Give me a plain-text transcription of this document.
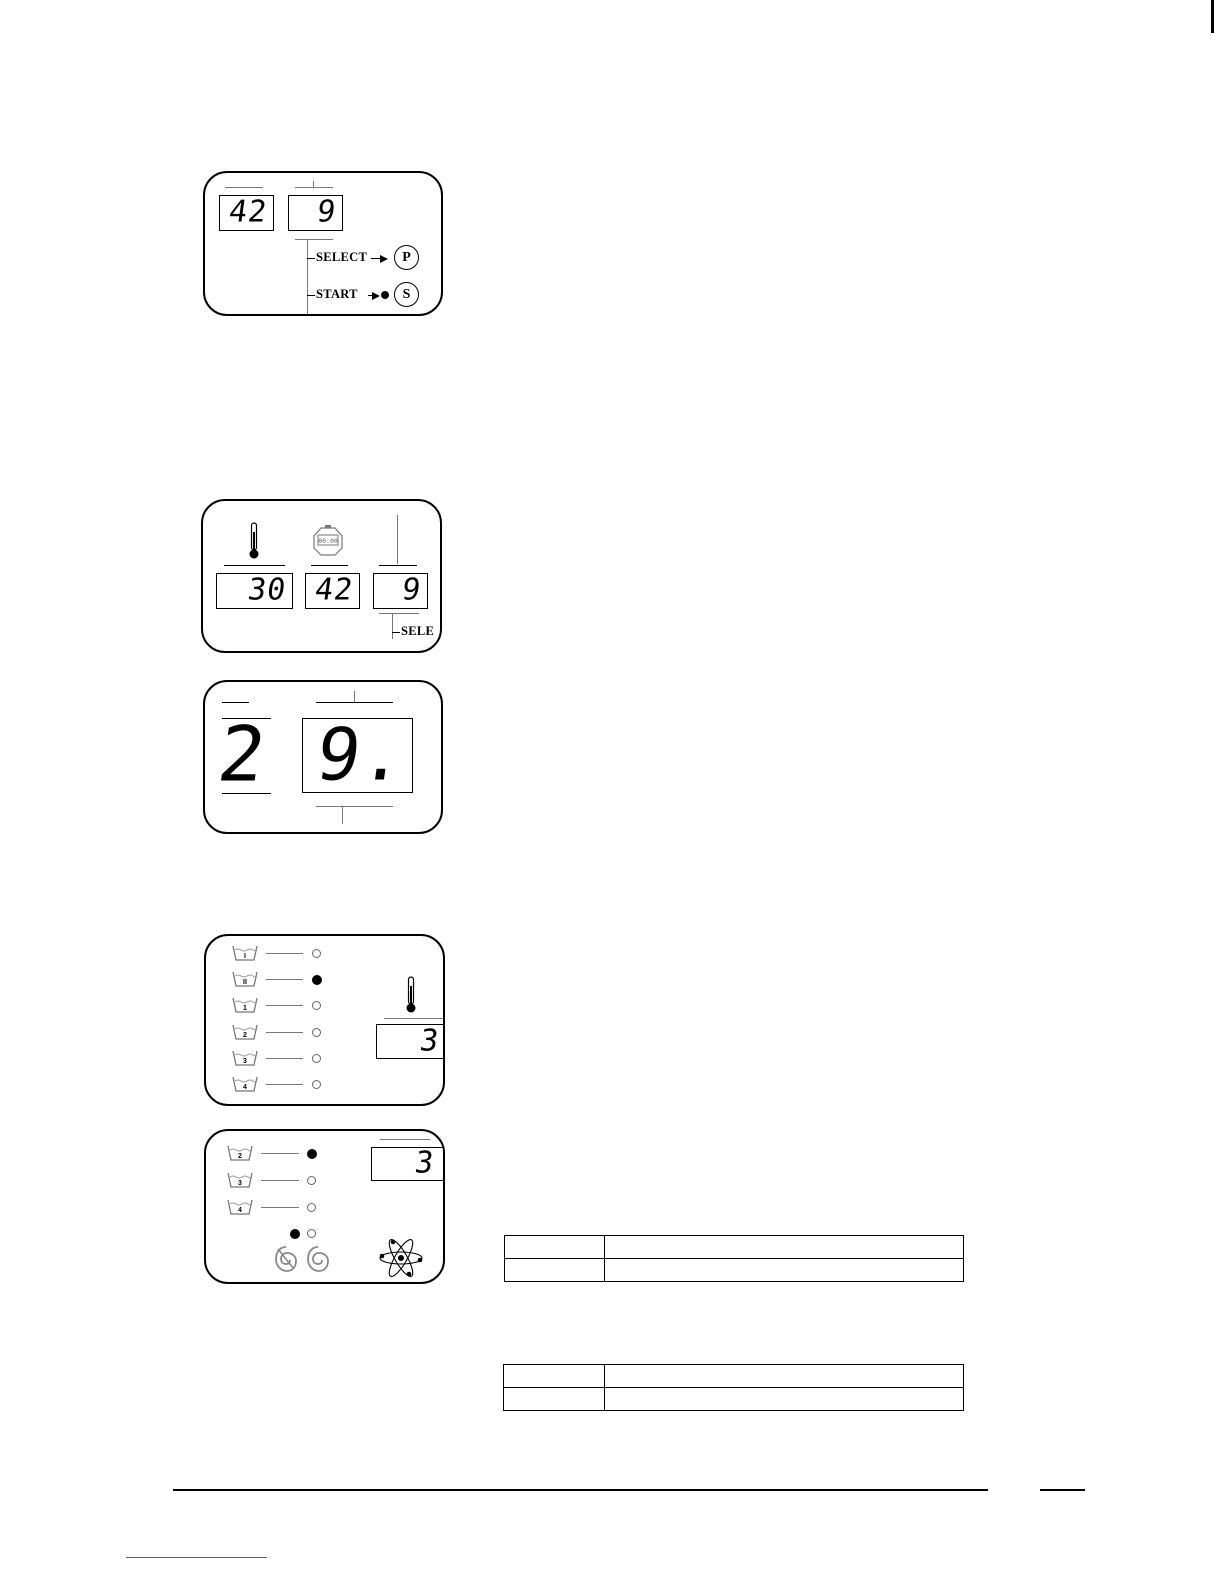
42 9
SELECT	P
START	S
00:00
30 42 9
SELE
2 9.
I
II
1
2
3
4
3
2
3
4
3
